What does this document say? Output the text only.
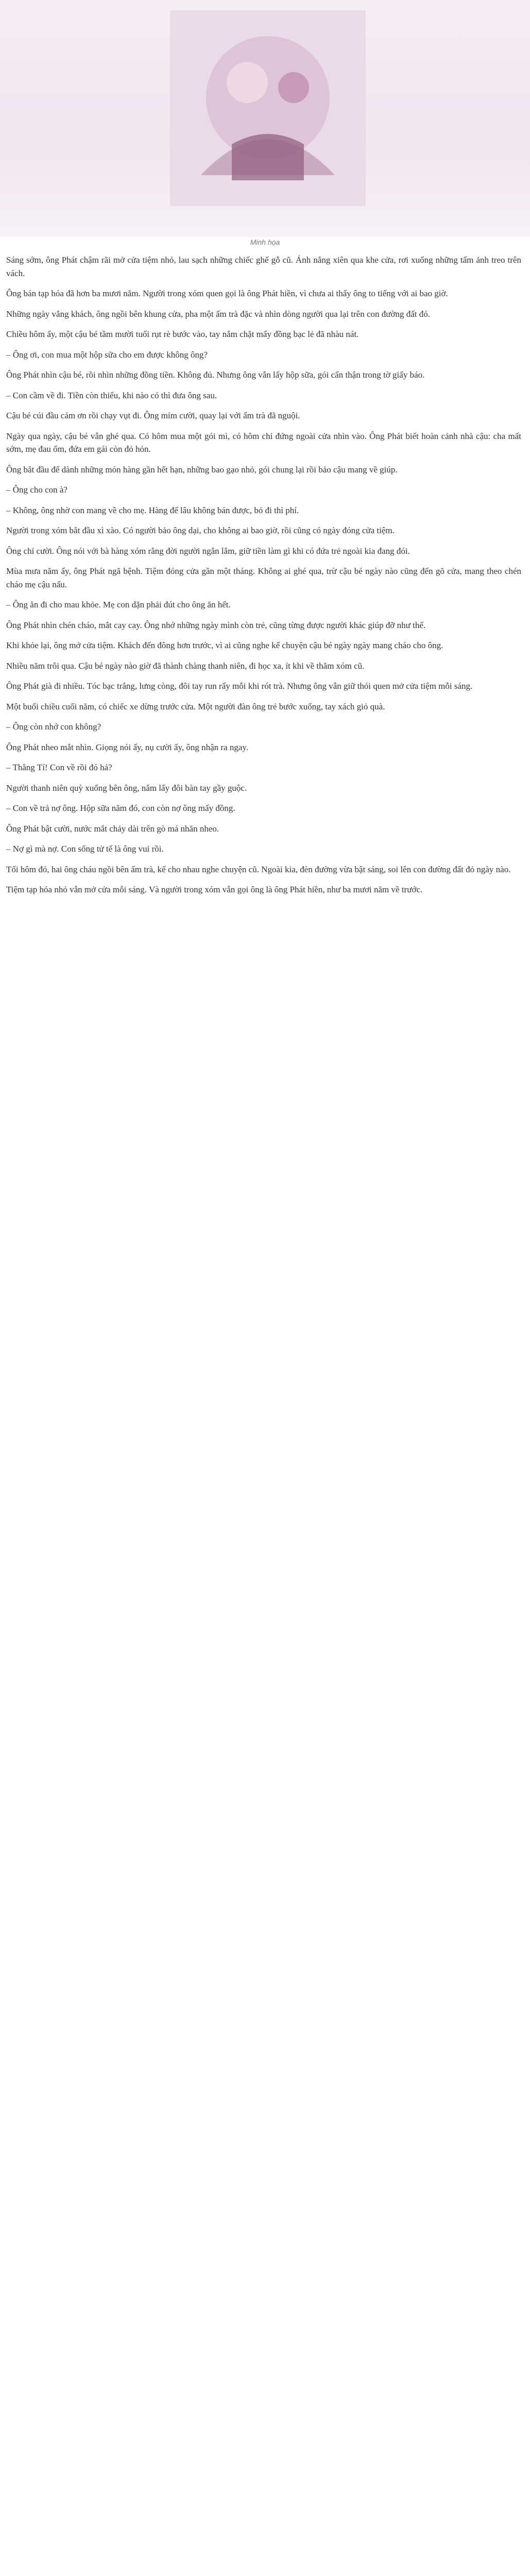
Minh họa

Sáng sớm, ông Phát chậm rãi mở cửa tiệm nhỏ, lau sạch những chiếc ghế gỗ cũ. Ánh nắng xiên qua khe cửa, rơi xuống những tấm ảnh treo trên vách.

Ông bán tạp hóa đã hơn ba mươi năm. Người trong xóm quen gọi là ông Phát hiền, vì chưa ai thấy ông to tiếng với ai bao giờ.

Những ngày vắng khách, ông ngồi bên khung cửa, pha một ấm trà đặc và nhìn dòng người qua lại trên con đường đất đỏ.

Chiều hôm ấy, một cậu bé tầm mười tuổi rụt rè bước vào, tay nắm chặt mấy đồng bạc lẻ đã nhàu nát.

– Ông ơi, con mua một hộp sữa cho em được không ông?

Ông Phát nhìn cậu bé, rồi nhìn những đồng tiền. Không đủ. Nhưng ông vẫn lấy hộp sữa, gói cẩn thận trong tờ giấy báo.

– Con cầm về đi. Tiền còn thiếu, khi nào có thì đưa ông sau.

Cậu bé cúi đầu cảm ơn rồi chạy vụt đi. Ông mỉm cười, quay lại với ấm trà đã nguội.

Ngày qua ngày, cậu bé vẫn ghé qua. Có hôm mua một gói mì, có hôm chỉ đứng ngoài cửa nhìn vào. Ông Phát biết hoàn cảnh nhà cậu: cha mất sớm, mẹ đau ốm, đứa em gái còn đỏ hỏn.

Ông bắt đầu để dành những món hàng gần hết hạn, những bao gạo nhỏ, gói chung lại rồi bảo cậu mang về giúp.

– Ông cho con à?

– Không, ông nhờ con mang về cho mẹ. Hàng để lâu không bán được, bỏ đi thì phí.

Người trong xóm bắt đầu xì xào. Có người bảo ông dại, cho không ai bao giờ, rồi cũng có ngày đóng cửa tiệm.

Ông chỉ cười. Ông nói với bà hàng xóm rằng đời người ngắn lắm, giữ tiền làm gì khi có đứa trẻ ngoài kia đang đói.

Mùa mưa năm ấy, ông Phát ngã bệnh. Tiệm đóng cửa gần một tháng. Không ai ghé qua, trừ cậu bé ngày nào cũng đến gõ cửa, mang theo chén cháo mẹ cậu nấu.

– Ông ăn đi cho mau khỏe. Mẹ con dặn phải đút cho ông ăn hết.

Ông Phát nhìn chén cháo, mắt cay cay. Ông nhớ những ngày mình còn trẻ, cũng từng được người khác giúp đỡ như thế.

Khi khỏe lại, ông mở cửa tiệm. Khách đến đông hơn trước, vì ai cũng nghe kể chuyện cậu bé ngày ngày mang cháo cho ông.

Nhiều năm trôi qua. Cậu bé ngày nào giờ đã thành chàng thanh niên, đi học xa, ít khi về thăm xóm cũ.

Ông Phát già đi nhiều. Tóc bạc trắng, lưng còng, đôi tay run rẩy mỗi khi rót trà. Nhưng ông vẫn giữ thói quen mở cửa tiệm mỗi sáng.

Một buổi chiều cuối năm, có chiếc xe dừng trước cửa. Một người đàn ông trẻ bước xuống, tay xách giỏ quà.

– Ông còn nhớ con không?

Ông Phát nheo mắt nhìn. Giọng nói ấy, nụ cười ấy, ông nhận ra ngay.

– Thằng Tí! Con về rồi đó hả?

Người thanh niên quỳ xuống bên ông, nắm lấy đôi bàn tay gầy guộc.

– Con về trả nợ ông. Hộp sữa năm đó, con còn nợ ông mấy đồng.

Ông Phát bật cười, nước mắt chảy dài trên gò má nhăn nheo.

– Nợ gì mà nợ. Con sống tử tế là ông vui rồi.

Tối hôm đó, hai ông cháu ngồi bên ấm trà, kể cho nhau nghe chuyện cũ. Ngoài kia, đèn đường vừa bật sáng, soi lên con đường đất đỏ ngày nào.

Tiệm tạp hóa nhỏ vẫn mở cửa mỗi sáng. Và người trong xóm vẫn gọi ông là ông Phát hiền, như ba mươi năm về trước.
